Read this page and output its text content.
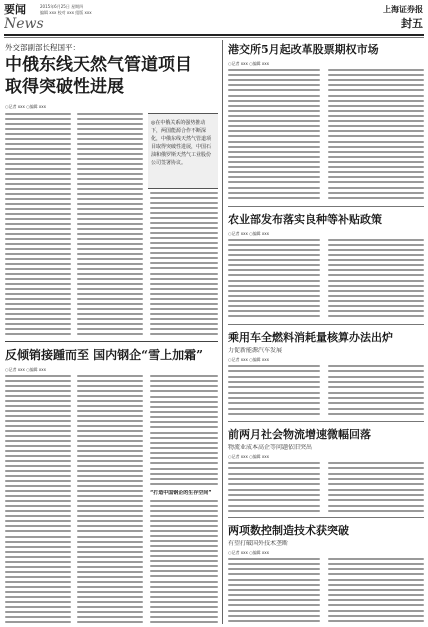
要闻
News
2015年6月25日 星期四
编辑 xxx 校对 xxx 组版 xxx	上海证券报
封五
外交部副部长程国平：
中俄东线天然气管道项目
取得突破性进展
○记者 xxx ○编辑 xxx
◎在中俄关系的强势推动下，两国能源合作不断深化，中俄东线天然气管道项目取得突破性进展，中国石油和俄罗斯天然气工业股份公司签署协议。
反倾销接踵而至 国内钢企“雪上加霜”
○记者 xxx ○编辑 xxx
“打造中国钢企的生存空间”
港交所5月起改革股票期权市场
○记者 xxx ○编辑 xxx
农业部发布落实良种等补贴政策
○记者 xxx ○编辑 xxx
乘用车全燃料消耗量核算办法出炉
力促新能源汽车发展
○记者 xxx ○编辑 xxx
前两月社会物流增速微幅回落
物流业成本高企等问题依旧突出
○记者 xxx ○编辑 xxx
两项数控制造技术获突破
有望打破国外技术垄断
○记者 xxx ○编辑 xxx
